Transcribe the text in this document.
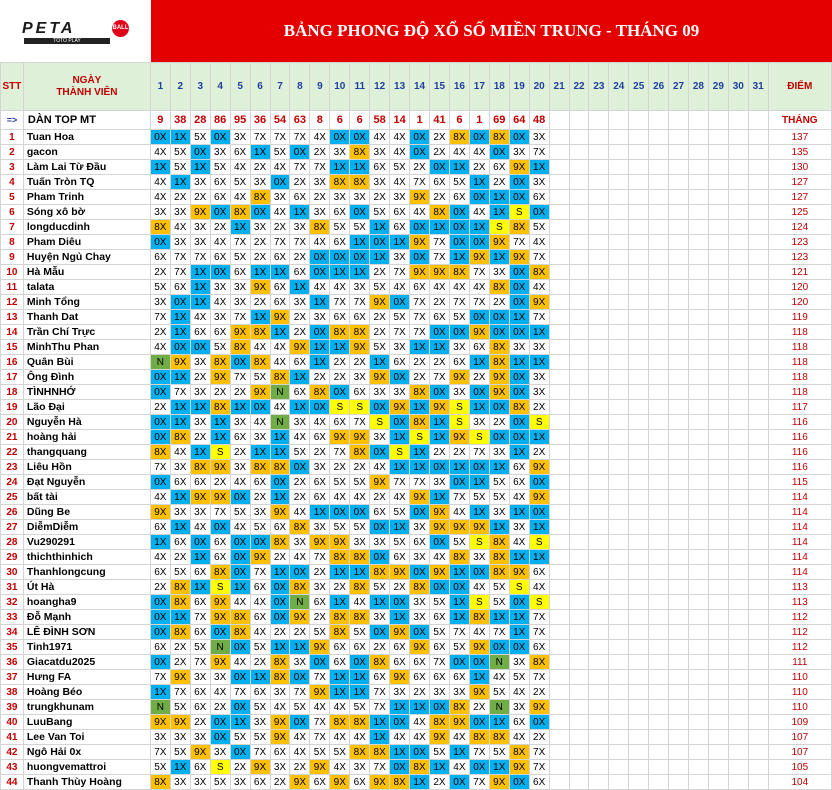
PETA	BALL
TOTO PLAY
BẢNG PHONG ĐỘ XỔ SỐ MIỀN TRUNG - THÁNG 09
STT	NGÀY
THÀNH VIÊN	1	2	3	4	5	6	7	8	9	10	11	12	13	14	15	16	17	18	19	20	21	22	23	24	25	26	27	28	29	30	31	ĐIỂM
=>	DÀN TOP MT	9	38	28	86	95	36	54	63	8	6	6	58	14	1	41	6	1	69	64	48												THÁNG
1	Tuan Hoa	0X	1X	5X	0X	3X	7X	7X	7X	4X	0X	0X	4X	4X	0X	2X	8X	0X	8X	0X	3X												137
2	gacon	4X	5X	0X	3X	6X	1X	5X	0X	2X	3X	8X	3X	4X	0X	2X	4X	4X	0X	3X	7X												135
3	Làm Lai Từ Đầu	1X	5X	1X	5X	4X	2X	4X	7X	7X	1X	1X	6X	5X	2X	0X	1X	2X	6X	9X	1X												130
4	Tuấn Tròn TQ	4X	1X	3X	6X	5X	3X	0X	2X	3X	8X	8X	3X	4X	7X	6X	5X	1X	2X	0X	3X												127
5	Pham Trinh	4X	2X	2X	6X	4X	8X	3X	6X	2X	3X	3X	2X	3X	9X	2X	6X	0X	1X	0X	6X												127
6	Sóng xô bờ	3X	3X	9X	0X	8X	0X	4X	1X	3X	6X	0X	5X	6X	4X	8X	0X	4X	1X	S	0X												125
7	longducdinh	8X	4X	3X	2X	1X	3X	2X	3X	8X	5X	5X	1X	6X	0X	1X	0X	1X	S	8X	5X												124
8	Pham Diêu	0X	3X	3X	4X	7X	2X	7X	7X	4X	6X	1X	0X	1X	9X	7X	0X	0X	9X	7X	4X												123
9	Huyện Ngủ Chay	6X	7X	7X	6X	5X	2X	6X	2X	0X	0X	0X	1X	3X	0X	7X	1X	9X	1X	9X	7X												123
10	Hà Mẫu	2X	7X	1X	0X	6X	1X	1X	6X	0X	1X	1X	2X	7X	9X	9X	8X	7X	3X	0X	8X												121
11	talata	5X	6X	1X	3X	3X	9X	6X	1X	4X	4X	3X	5X	4X	6X	4X	4X	4X	8X	0X	4X												120
12	Minh Tổng	3X	0X	1X	4X	3X	2X	6X	3X	1X	7X	7X	9X	0X	7X	2X	7X	7X	2X	0X	9X												120
13	Thanh Dat	7X	1X	4X	3X	7X	1X	9X	2X	3X	6X	6X	2X	5X	7X	6X	5X	0X	0X	1X	7X												119
14	Trần Chí Trực	2X	1X	6X	6X	9X	8X	1X	2X	0X	8X	8X	2X	7X	7X	0X	0X	9X	0X	0X	1X												118
15	MinhThu Phan	4X	0X	0X	5X	8X	4X	4X	9X	1X	1X	9X	5X	3X	1X	1X	3X	6X	8X	3X	3X												118
16	Quân Bùi	N	9X	3X	8X	0X	8X	4X	6X	1X	2X	2X	1X	6X	2X	2X	6X	1X	8X	1X	1X												118
17	Ông Đình	0X	1X	2X	9X	7X	5X	8X	1X	2X	2X	3X	9X	0X	2X	7X	9X	2X	9X	0X	3X												118
18	TÌNHNHỚ	0X	7X	3X	2X	2X	9X	N	6X	8X	0X	6X	3X	3X	8X	0X	3X	0X	9X	0X	3X												118
19	Lão Đại	2X	1X	1X	8X	1X	0X	4X	1X	0X	S	S	0X	9X	1X	9X	S	1X	0X	8X	2X												117
20	Nguyễn Hà	0X	1X	3X	1X	3X	4X	N	3X	4X	6X	7X	S	0X	8X	1X	S	3X	2X	0X	S												116
21	hoàng hải	0X	8X	2X	1X	6X	3X	1X	4X	6X	9X	9X	3X	1X	S	1X	9X	S	0X	0X	1X												116
22	thangquang	8X	4X	1X	S	2X	1X	1X	5X	2X	7X	8X	0X	S	1X	2X	2X	7X	3X	1X	2X												116
23	Liêu Hồn	7X	3X	8X	9X	3X	8X	8X	0X	3X	2X	2X	4X	1X	1X	0X	1X	0X	1X	6X	9X												116
24	Đạt Nguyễn	0X	6X	6X	2X	4X	6X	0X	2X	6X	5X	5X	9X	7X	7X	3X	0X	1X	5X	6X	0X												115
25	bất tài	4X	1X	9X	9X	0X	2X	1X	2X	6X	4X	4X	2X	4X	9X	1X	7X	5X	5X	4X	9X												114
26	Dũng Be	9X	3X	3X	7X	5X	3X	9X	4X	1X	0X	0X	6X	5X	0X	9X	4X	1X	3X	1X	0X												114
27	DiễmDiễm	6X	1X	4X	0X	4X	5X	6X	8X	3X	5X	5X	0X	1X	3X	9X	9X	9X	1X	3X	1X												114
28	Vu290291	1X	6X	0X	6X	0X	0X	8X	3X	9X	9X	3X	3X	5X	6X	0X	5X	S	8X	4X	S												114
29	thichthinhich	4X	2X	1X	6X	0X	9X	2X	4X	7X	8X	8X	0X	6X	3X	4X	8X	3X	8X	1X	1X												114
30	Thanhlongcung	6X	5X	6X	8X	0X	7X	1X	0X	2X	1X	1X	8X	9X	0X	9X	1X	0X	8X	9X	6X												114
31	Út Hà	2X	8X	1X	S	1X	6X	0X	8X	3X	2X	8X	5X	2X	8X	0X	0X	4X	5X	S	4X												113
32	hoangha9	0X	8X	6X	9X	4X	4X	0X	N	6X	1X	4X	1X	0X	3X	5X	1X	S	5X	0X	S												113
33	Đỗ Mạnh	0X	1X	7X	9X	8X	6X	0X	9X	2X	8X	8X	3X	1X	3X	6X	1X	8X	1X	1X	7X												112
34	LÊ ĐÌNH SƠN	0X	8X	6X	0X	8X	4X	2X	2X	5X	8X	5X	0X	9X	0X	5X	7X	4X	7X	1X	7X												112
35	Tinh1971	6X	2X	5X	N	0X	5X	1X	1X	9X	6X	6X	2X	6X	9X	6X	5X	9X	0X	0X	6X												112
36	Giacatdu2025	0X	2X	7X	9X	4X	2X	8X	3X	0X	6X	0X	8X	6X	6X	7X	0X	0X	N	3X	8X												111
37	Hưng FA	7X	9X	3X	3X	0X	1X	8X	0X	7X	1X	1X	6X	9X	6X	6X	6X	1X	4X	5X	7X												110
38	Hoàng Béo	1X	7X	6X	4X	7X	6X	3X	7X	9X	1X	1X	7X	3X	2X	3X	3X	9X	5X	4X	2X												110
39	trungkhunam	N	5X	6X	2X	0X	5X	4X	5X	4X	4X	5X	7X	1X	1X	0X	8X	2X	N	3X	9X												110
40	LuuBang	9X	9X	2X	0X	1X	3X	9X	0X	7X	8X	8X	1X	0X	4X	8X	9X	0X	1X	6X	0X												109
41	Lee Van Toi	3X	3X	3X	0X	5X	5X	9X	4X	7X	4X	4X	1X	4X	4X	9X	4X	8X	8X	4X	2X												107
42	Ngô Hải 0x	7X	5X	9X	3X	0X	7X	6X	4X	5X	5X	8X	8X	1X	0X	5X	1X	7X	5X	8X	7X												107
43	huongvemattroi	5X	1X	6X	S	2X	9X	3X	2X	9X	4X	3X	7X	0X	8X	1X	4X	0X	1X	9X	7X												105
44	Thanh Thùy Hoàng	8X	3X	3X	5X	3X	6X	2X	9X	6X	9X	6X	9X	8X	1X	2X	0X	7X	9X	0X	6X												104
